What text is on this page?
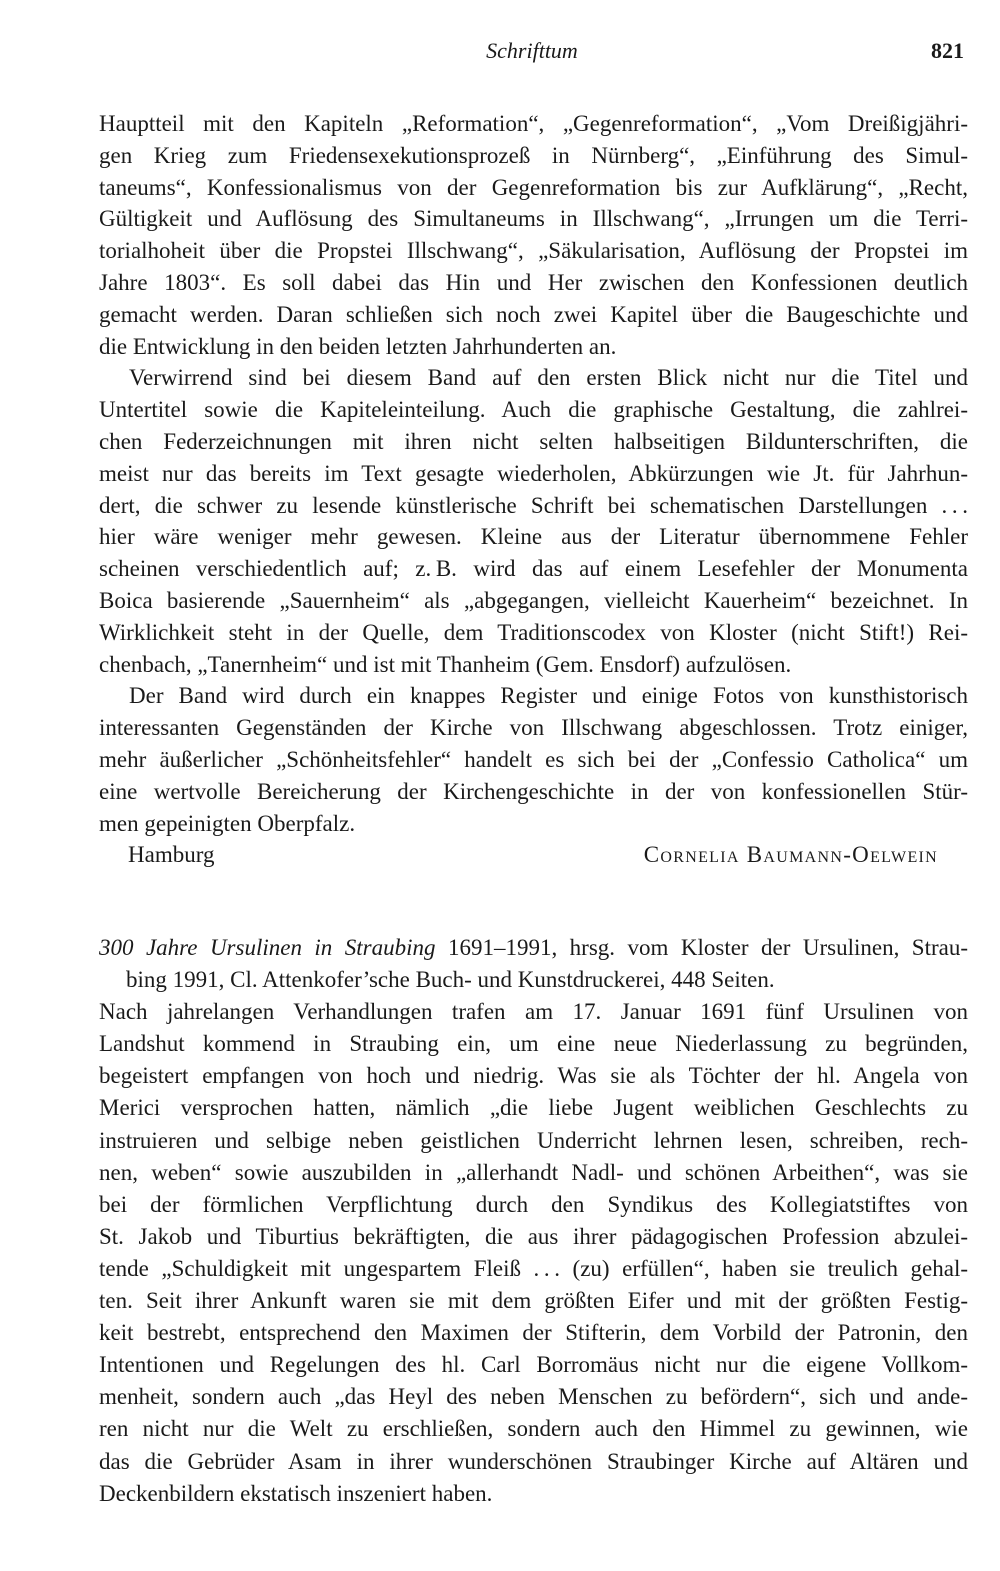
Schrifttum	821
Hauptteil mit den Kapiteln „Reformation“, „Gegenreformation“, „Vom Dreißigjähri-
gen Krieg zum Friedensexekutionsprozeß in Nürnberg“, „Einführung des Simul-
taneums“, Konfessionalismus von der Gegenreformation bis zur Aufklärung“, „Recht,
Gültigkeit und Auflösung des Simultaneums in Illschwang“, „Irrungen um die Terri-
torialhoheit über die Propstei Illschwang“, „Säkularisation, Auflösung der Propstei im
Jahre 1803“. Es soll dabei das Hin und Her zwischen den Konfessionen deutlich
gemacht werden. Daran schließen sich noch zwei Kapitel über die Baugeschichte und
die Entwicklung in den beiden letzten Jahrhunderten an.
Verwirrend sind bei diesem Band auf den ersten Blick nicht nur die Titel und
Untertitel sowie die Kapiteleinteilung. Auch die graphische Gestaltung, die zahlrei-
chen Federzeichnungen mit ihren nicht selten halbseitigen Bildunterschriften, die
meist nur das bereits im Text gesagte wiederholen, Abkürzungen wie Jt. für Jahrhun-
dert, die schwer zu lesende künstlerische Schrift bei schematischen Darstellungen . . .
hier wäre weniger mehr gewesen. Kleine aus der Literatur übernommene Fehler
scheinen verschiedentlich auf; z. B. wird das auf einem Lesefehler der Monumenta
Boica basierende „Sauernheim“ als „abgegangen, vielleicht Kauerheim“ bezeichnet. In
Wirklichkeit steht in der Quelle, dem Traditionscodex von Kloster (nicht Stift!) Rei-
chenbach, „Tanernheim“ und ist mit Thanheim (Gem. Ensdorf) aufzulösen.
Der Band wird durch ein knappes Register und einige Fotos von kunsthistorisch
interessanten Gegenständen der Kirche von Illschwang abgeschlossen. Trotz einiger,
mehr äußerlicher „Schönheitsfehler“ handelt es sich bei der „Confessio Catholica“ um
eine wertvolle Bereicherung der Kirchengeschichte in der von konfessionellen Stür-
men gepeinigten Oberpfalz.
Hamburg	Cornelia Baumann-Oelwein
300 Jahre Ursulinen in Straubing 1691–1991, hrsg. vom Kloster der Ursulinen, Strau-
bing 1991, Cl. Attenkofer’sche Buch- und Kunstdruckerei, 448 Seiten.
Nach jahrelangen Verhandlungen trafen am 17. Januar 1691 fünf Ursulinen von
Landshut kommend in Straubing ein, um eine neue Niederlassung zu begründen,
begeistert empfangen von hoch und niedrig. Was sie als Töchter der hl. Angela von
Merici versprochen hatten, nämlich „die liebe Jugent weiblichen Geschlechts zu
instruieren und selbige neben geistlichen Underricht lehrnen lesen, schreiben, rech-
nen, weben“ sowie auszubilden in „allerhandt Nadl- und schönen Arbeithen“, was sie
bei der förmlichen Verpflichtung durch den Syndikus des Kollegiatstiftes von
St. Jakob und Tiburtius bekräftigten, die aus ihrer pädagogischen Profession abzulei-
tende „Schuldigkeit mit ungespartem Fleiß . . . (zu) erfüllen“, haben sie treulich gehal-
ten. Seit ihrer Ankunft waren sie mit dem größten Eifer und mit der größten Festig-
keit bestrebt, entsprechend den Maximen der Stifterin, dem Vorbild der Patronin, den
Intentionen und Regelungen des hl. Carl Borromäus nicht nur die eigene Vollkom-
menheit, sondern auch „das Heyl des neben Menschen zu befördern“, sich und ande-
ren nicht nur die Welt zu erschließen, sondern auch den Himmel zu gewinnen, wie
das die Gebrüder Asam in ihrer wunderschönen Straubinger Kirche auf Altären und
Deckenbildern ekstatisch inszeniert haben.
